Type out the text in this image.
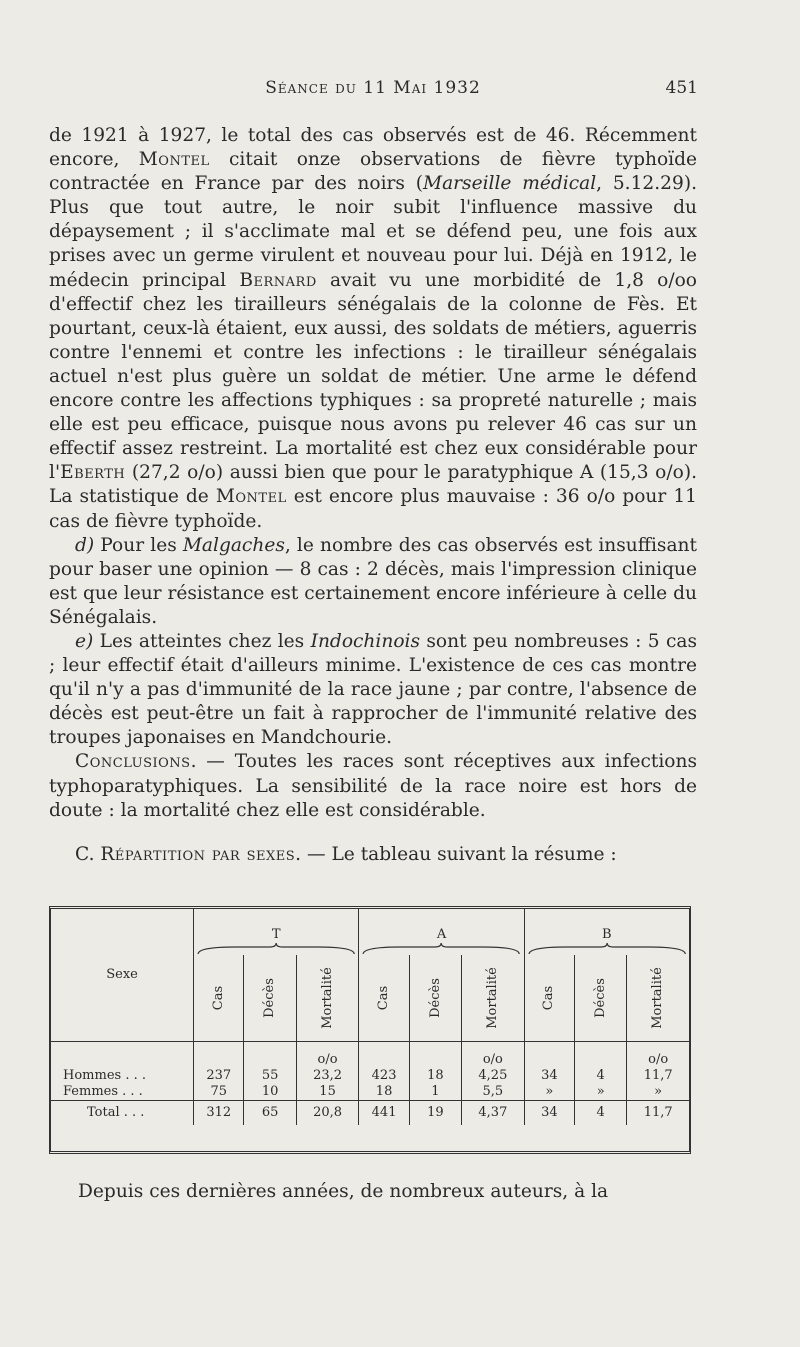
Séance du 11 Mai 1932	451

de 1921 à 1927, le total des cas observés est de 46. Récemment encore, Montel citait onze observations de fièvre typhoïde contractée en France par des noirs (Marseille médical, 5.12.29). Plus que tout autre, le noir subit l'influence massive du dépaysement ; il s'acclimate mal et se défend peu, une fois aux prises avec un germe virulent et nouveau pour lui. Déjà en 1912, le médecin principal Bernard avait vu une morbidité de 1,8 o/oo d'effectif chez les tirailleurs sénégalais de la colonne de Fès. Et pourtant, ceux-là étaient, eux aussi, des soldats de métiers, aguerris contre l'ennemi et contre les infections : le tirailleur sénégalais actuel n'est plus guère un soldat de métier. Une arme le défend encore contre les affections typhiques : sa propreté naturelle ; mais elle est peu efficace, puisque nous avons pu relever 46 cas sur un effectif assez restreint. La mortalité est chez eux considérable pour l'Eberth (27,2 o/o) aussi bien que pour le paratyphique A (15,3 o/o). La statistique de Montel est encore plus mauvaise : 36 o/o pour 11 cas de fièvre typhoïde.

d) Pour les Malgaches, le nombre des cas observés est insuffisant pour baser une opinion — 8 cas : 2 décès, mais l'impression clinique est que leur résistance est certainement encore inférieure à celle du Sénégalais.

e) Les atteintes chez les Indochinois sont peu nombreuses : 5 cas ; leur effectif était d'ailleurs minime. L'existence de ces cas montre qu'il n'y a pas d'immunité de la race jaune ; par contre, l'absence de décès est peut-être un fait à rapprocher de l'immunité relative des troupes japonaises en Mandchourie.

Conclusions. — Toutes les races sont réceptives aux infections typhoparatyphiques. La sensibilité de la race noire est hors de doute : la mortalité chez elle est considérable.

C. Répartition par sexes. — Le tableau suivant la résume :

Sexe	T			A			B		

	Cas	Décès	Mortalité	Cas	Décès	Mortalité	Cas	Décès	Mortalité
			o/o			o/o			o/o
Hommes . . .	237	55	23,2	423	18	4,25	34	4	11,7
Femmes . . .	75	10	15	18	1	5,5	»	»	»
Total . . .	312	65	20,8	441	19	4,37	34	4	11,7
Depuis ces dernières années, de nombreux auteurs, à la
